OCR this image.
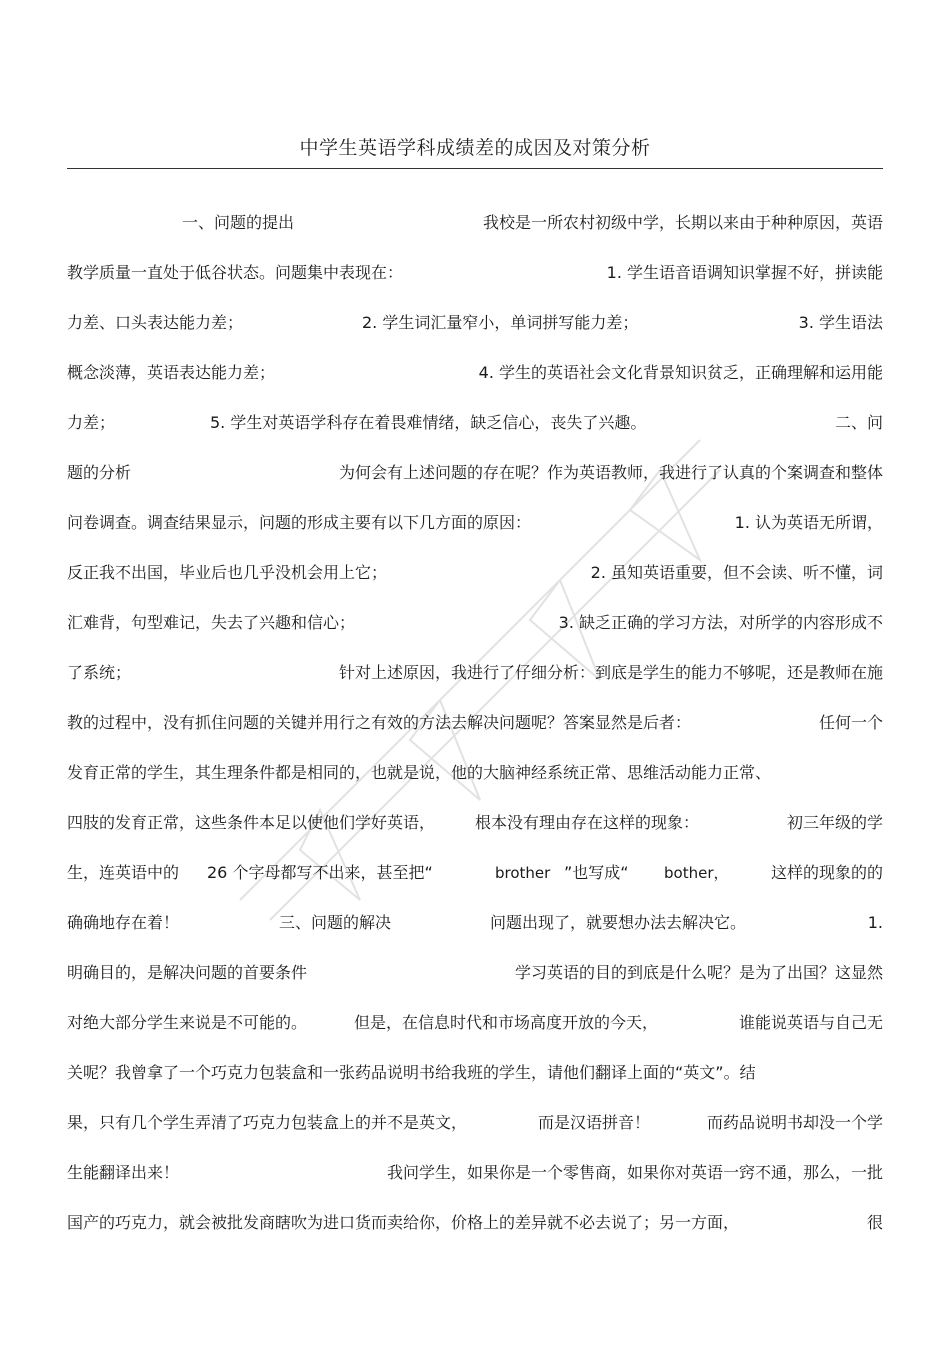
中学生英语学科成绩差的成因及对策分析
一、问题的提出	我校是一所农村初级中学，长期以来由于种种原因，英语
教学质量一直处于低谷状态。问题集中表现在：	1. 学生语音语调知识掌握不好，拼读能
力差、口头表达能力差；	2. 学生词汇量窄小，单词拼写能力差；	3. 学生语法
概念淡薄，英语表达能力差；	4. 学生的英语社会文化背景知识贫乏，正确理解和运用能
力差；	5. 学生对英语学科存在着畏难情绪，缺乏信心，丧失了兴趣。	二、问
题的分析	为何会有上述问题的存在呢？作为英语教师，我进行了认真的个案调查和整体
问卷调查。调查结果显示，问题的形成主要有以下几方面的原因：	1. 认为英语无所谓，
反正我不出国，毕业后也几乎没机会用上它；	2. 虽知英语重要，但不会读、听不懂，词
汇难背，句型难记，失去了兴趣和信心；	3. 缺乏正确的学习方法，对所学的内容形成不
了系统；	针对上述原因，我进行了仔细分析：到底是学生的能力不够呢，还是教师在施
教的过程中，没有抓住问题的关键并用行之有效的方法去解决问题呢？答案显然是后者：	任何一个
发育正常的学生，其生理条件都是相同的，也就是说，他的大脑神经系统正常、思维活动能力正常、
四肢的发育正常，这些条件本足以使他们学好英语， 根本没有理由存在这样的现象：	初三年级的学
生，连英语中的 26 个字母都写不出来，甚至把“	brother ”也写成“ bother，	这样的现象的的
确确地存在着！	三、问题的解决	问题出现了，就要想办法去解决它。	1.
明确目的，是解决问题的首要条件	学习英语的目的到底是什么呢？是为了出国？这显然
对绝大部分学生来说是不可能的。	但是，在信息时代和市场高度开放的今天，	谁能说英语与自己无
关呢？我曾拿了一个巧克力包装盒和一张药品说明书给我班的学生，请他们翻译上面的“英文”。结
果，只有几个学生弄清了巧克力包装盒上的并不是英文，	而是汉语拼音！	而药品说明书却没一个学
生能翻译出来！	我问学生，如果你是一个零售商，如果你对英语一窍不通，那么，一批
国产的巧克力，就会被批发商瞎吹为进口货而卖给你，价格上的差异就不必去说了；另一方面，	很
